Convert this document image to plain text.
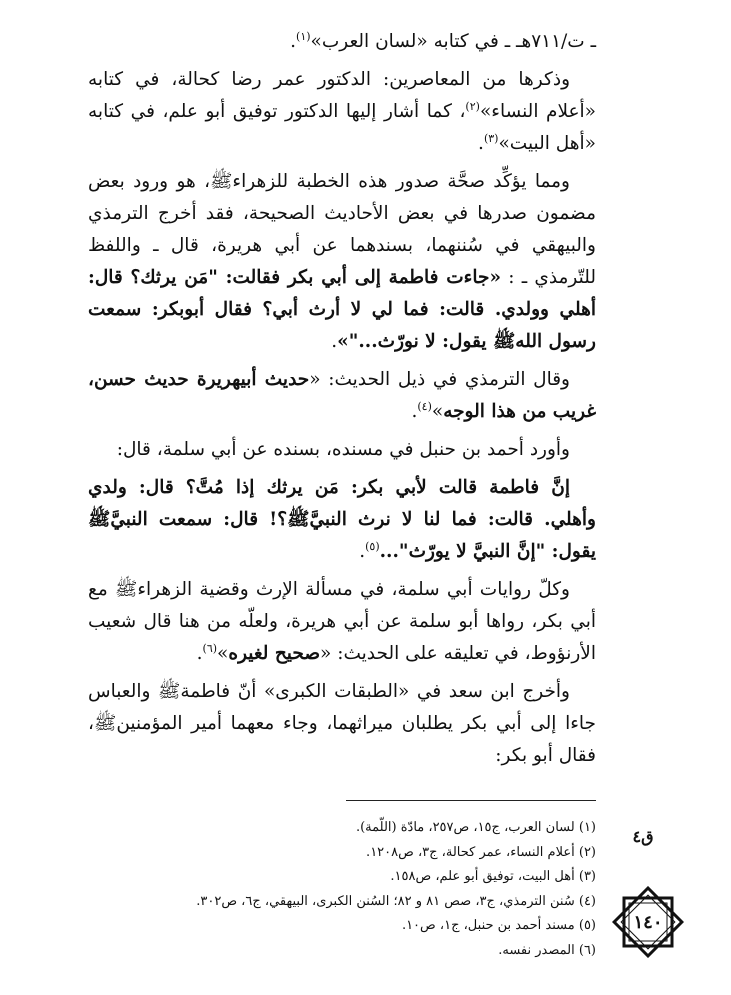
ـ ت/٧١١هـ ـ في كتابه «لسان العرب»$^{(١)}$.

وذكرها من المعاصرين: الدكتور عمر رضا كحالة، في كتابه «أعلام النساء»$^{(٢)}$، كما أشار إليها الدكتور توفيق أبو علم، في كتابه «أهل البيت»$^{(٣)}$.

ومما يؤكِّد صحَّة صدور هذه الخطبة للزهراءﷺ، هو ورود بعض مضمون صدرها في بعض الأحاديث الصحيحة، فقد أخرج الترمذي والبيهقي في سُننهما، بسندهما عن أبي هريرة، قال ـ واللفظ للتّرمذي ـ : «جاءت فاطمة إلى أبي بكر فقالت: "مَن يرثك؟ قال: أهلي وولدي. قالت: فما لي لا أرث أبي؟ فقال أبوبكر: سمعت رسول اللهﷺ يقول: لا نورّث..."».

وقال الترمذي في ذيل الحديث: «حديث أبيهريرة حديث حسن، غريب من هذا الوجه»$^{(٤)}$.

وأورد أحمد بن حنبل في مسنده، بسنده عن أبي سلمة، قال:

إنَّ فاطمة قالت لأبي بكر: مَن يرثك إذا مُتَّ؟ قال: ولدي وأهلي. قالت: فما لنا لا نرث النبيَّﷺ؟! قال: سمعت النبيَّﷺ يقول: "إنَّ النبيَّ لا يورّث"...$^{(٥)}$.

وكلّ روايات أبي سلمة، في مسألة الإرث وقضية الزهراءﷺ مع أبي بكر، رواها أبو سلمة عن أبي هريرة، ولعلّه من هنا قال شعيب الأرنؤوط، في تعليقه على الحديث: «صحيح لغيره»$^{(٦)}$.

وأخرج ابن سعد في «الطبقات الكبرى» أنّ فاطمةﷺ والعباس جاءا إلى أبي بكر يطلبان ميراثهما، وجاء معهما أمير المؤمنينﷺ، فقال أبو بكر:

(١) لسان العرب، ج١٥، ص٢٥٧، مادّة (اللّمة).
(٢) أعلام النساء، عمر كحالة، ج٣، ص١٢٠٨.
(٣) أهل البيت، توفيق أبو علم، ص١٥٨.
(٤) سُنن الترمذي، ج٣، صص ٨١ و ٨٢؛ السُنن الكبرى، البيهقي، ج٦، ص٣٠٢.
(٥) مسند أحمد بن حنبل، ج١، ص١٠.
(٦) المصدر نفسه.
ق٤
١٤٠
